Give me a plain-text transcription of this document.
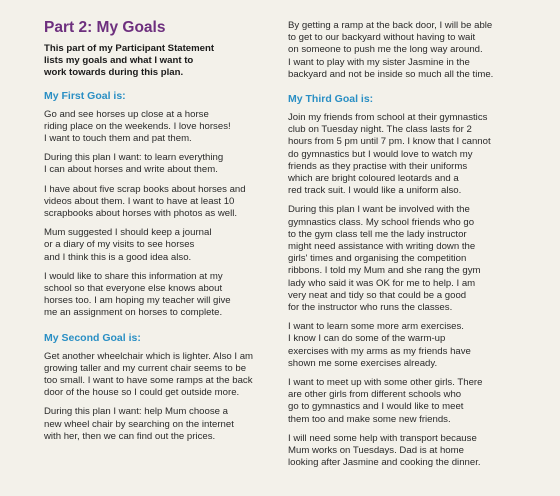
Part 2: My Goals

This part of my Participant Statement
lists my goals and what I want to
work towards during this plan.

My First Goal is:

Go and see horses up close at a horse
riding place on the weekends. I love horses!
I want to touch them and pat them.

During this plan I want: to learn everything
I can about horses and write about them.

I have about five scrap books about horses and
videos about them. I want to have at least 10
scrapbooks about horses with photos as well.

Mum suggested I should keep a journal
or a diary of my visits to see horses
and I think this is a good idea also.

I would like to share this information at my
school so that everyone else knows about
horses too. I am hoping my teacher will give
me an assignment on horses to complete.

My Second Goal is:

Get another wheelchair which is lighter. Also I am
growing taller and my current chair seems to be
too small. I want to have some ramps at the back
door of the house so I could get outside more.

During this plan I want: help Mum choose a
new wheel chair by searching on the internet
with her, then we can find out the prices.

By getting a ramp at the back door, I will be able
to get to our backyard without having to wait
on someone to push me the long way around.
I want to play with my sister Jasmine in the
backyard and not be inside so much all the time.

My Third Goal is:

Join my friends from school at their gymnastics
club on Tuesday night. The class lasts for 2
hours from 5 pm until 7 pm. I know that I cannot
do gymnastics but I would love to watch my
friends as they practise with their uniforms
which are bright coloured leotards and a
red track suit. I would like a uniform also.

During this plan I want be involved with the
gymnastics class. My school friends who go
to the gym class tell me the lady instructor
might need assistance with writing down the
girls' times and organising the competition
ribbons. I told my Mum and she rang the gym
lady who said it was OK for me to help. I am
very neat and tidy so that could be a good
for the instructor who runs the classes.

I want to learn some more arm exercises.
I know I can do some of the warm-up
exercises with my arms as my friends have
shown me some exercises already.

I want to meet up with some other girls. There
are other girls from different schools who
go to gymnastics and I would like to meet
them too and make some new friends.

I will need some help with transport because
Mum works on Tuesdays. Dad is at home
looking after Jasmine and cooking the dinner.
